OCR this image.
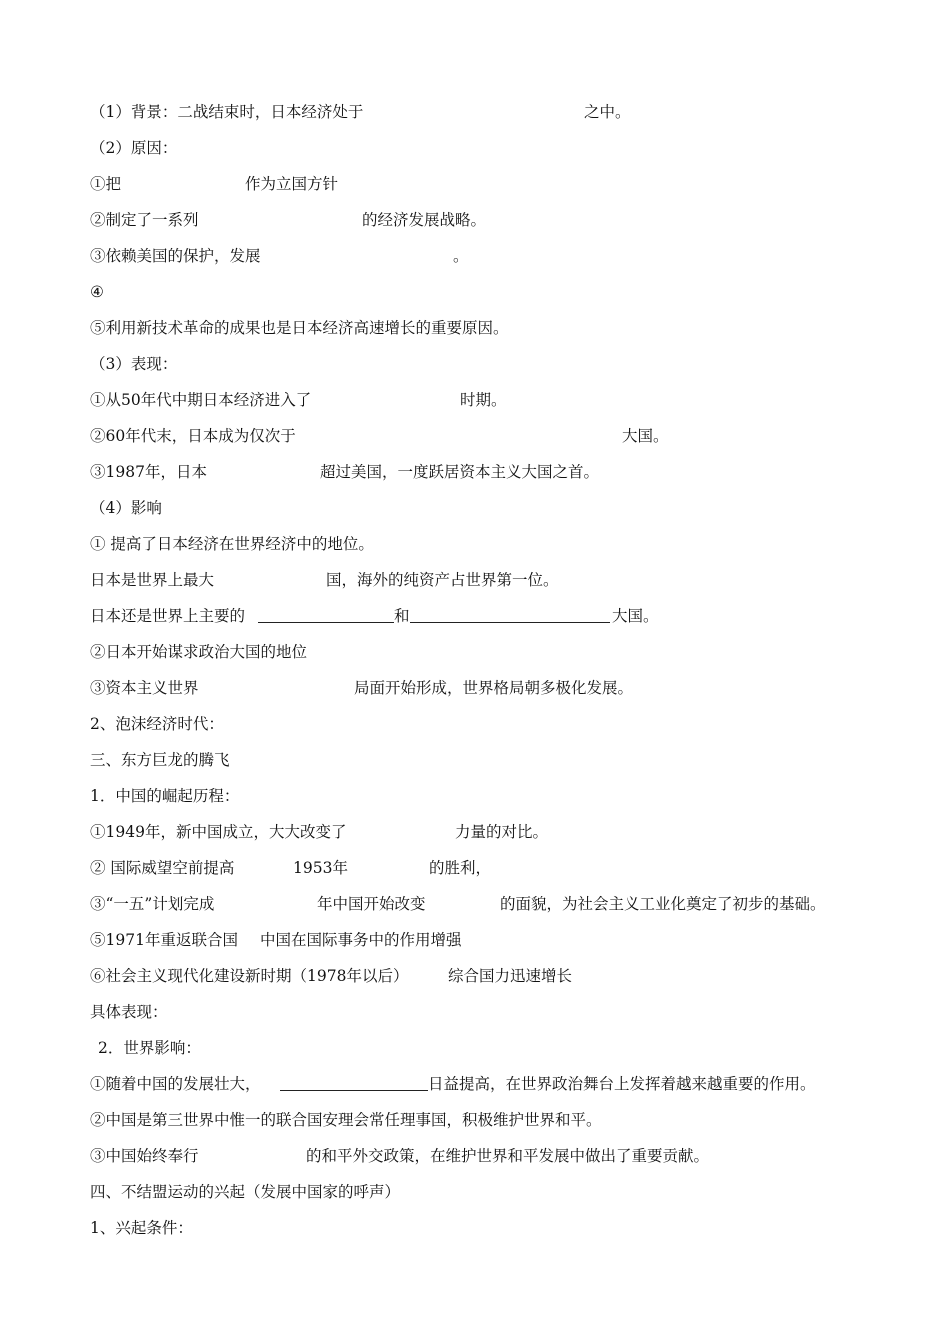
（1）背景：二战结束时，日本经济处于	之中。
（2）原因：
①把	作为立国方针
②制定了一系列	的经济发展战略。
③依赖美国的保护，发展	。
④
⑤利用新技术革命的成果也是日本经济高速增长的重要原因。
（3）表现：
①从50年代中期日本经济进入了	时期。
②60年代末，日本成为仅次于	大国。
③1987年，日本	超过美国，一度跃居资本主义大国之首。
（4）影响
① 提高了日本经济在世界经济中的地位。
日本是世界上最大	国，海外的纯资产占世界第一位。
日本还是世界上主要的	和	大国。
②日本开始谋求政治大国的地位
③资本主义世界	局面开始形成，世界格局朝多极化发展。
2、泡沫经济时代：
三、东方巨龙的腾飞
1．中国的崛起历程：
①1949年，新中国成立，大大改变了	力量的对比。
② 国际威望空前提高	1953年	的胜利，
③“一五”计划完成	年中国开始改变	的面貌，为社会主义工业化奠定了初步的基础。
⑤1971年重返联合国 中国在国际事务中的作用增强
⑥社会主义现代化建设新时期（1978年以后）	综合国力迅速增长
具体表现：
2．世界影响：
①随着中国的发展壮大，	日益提高，在世界政治舞台上发挥着越来越重要的作用。
②中国是第三世界中惟一的联合国安理会常任理事国，积极维护世界和平。
③中国始终奉行	的和平外交政策，在维护世界和平发展中做出了重要贡献。
四、不结盟运动的兴起（发展中国家的呼声）
1、兴起条件：
